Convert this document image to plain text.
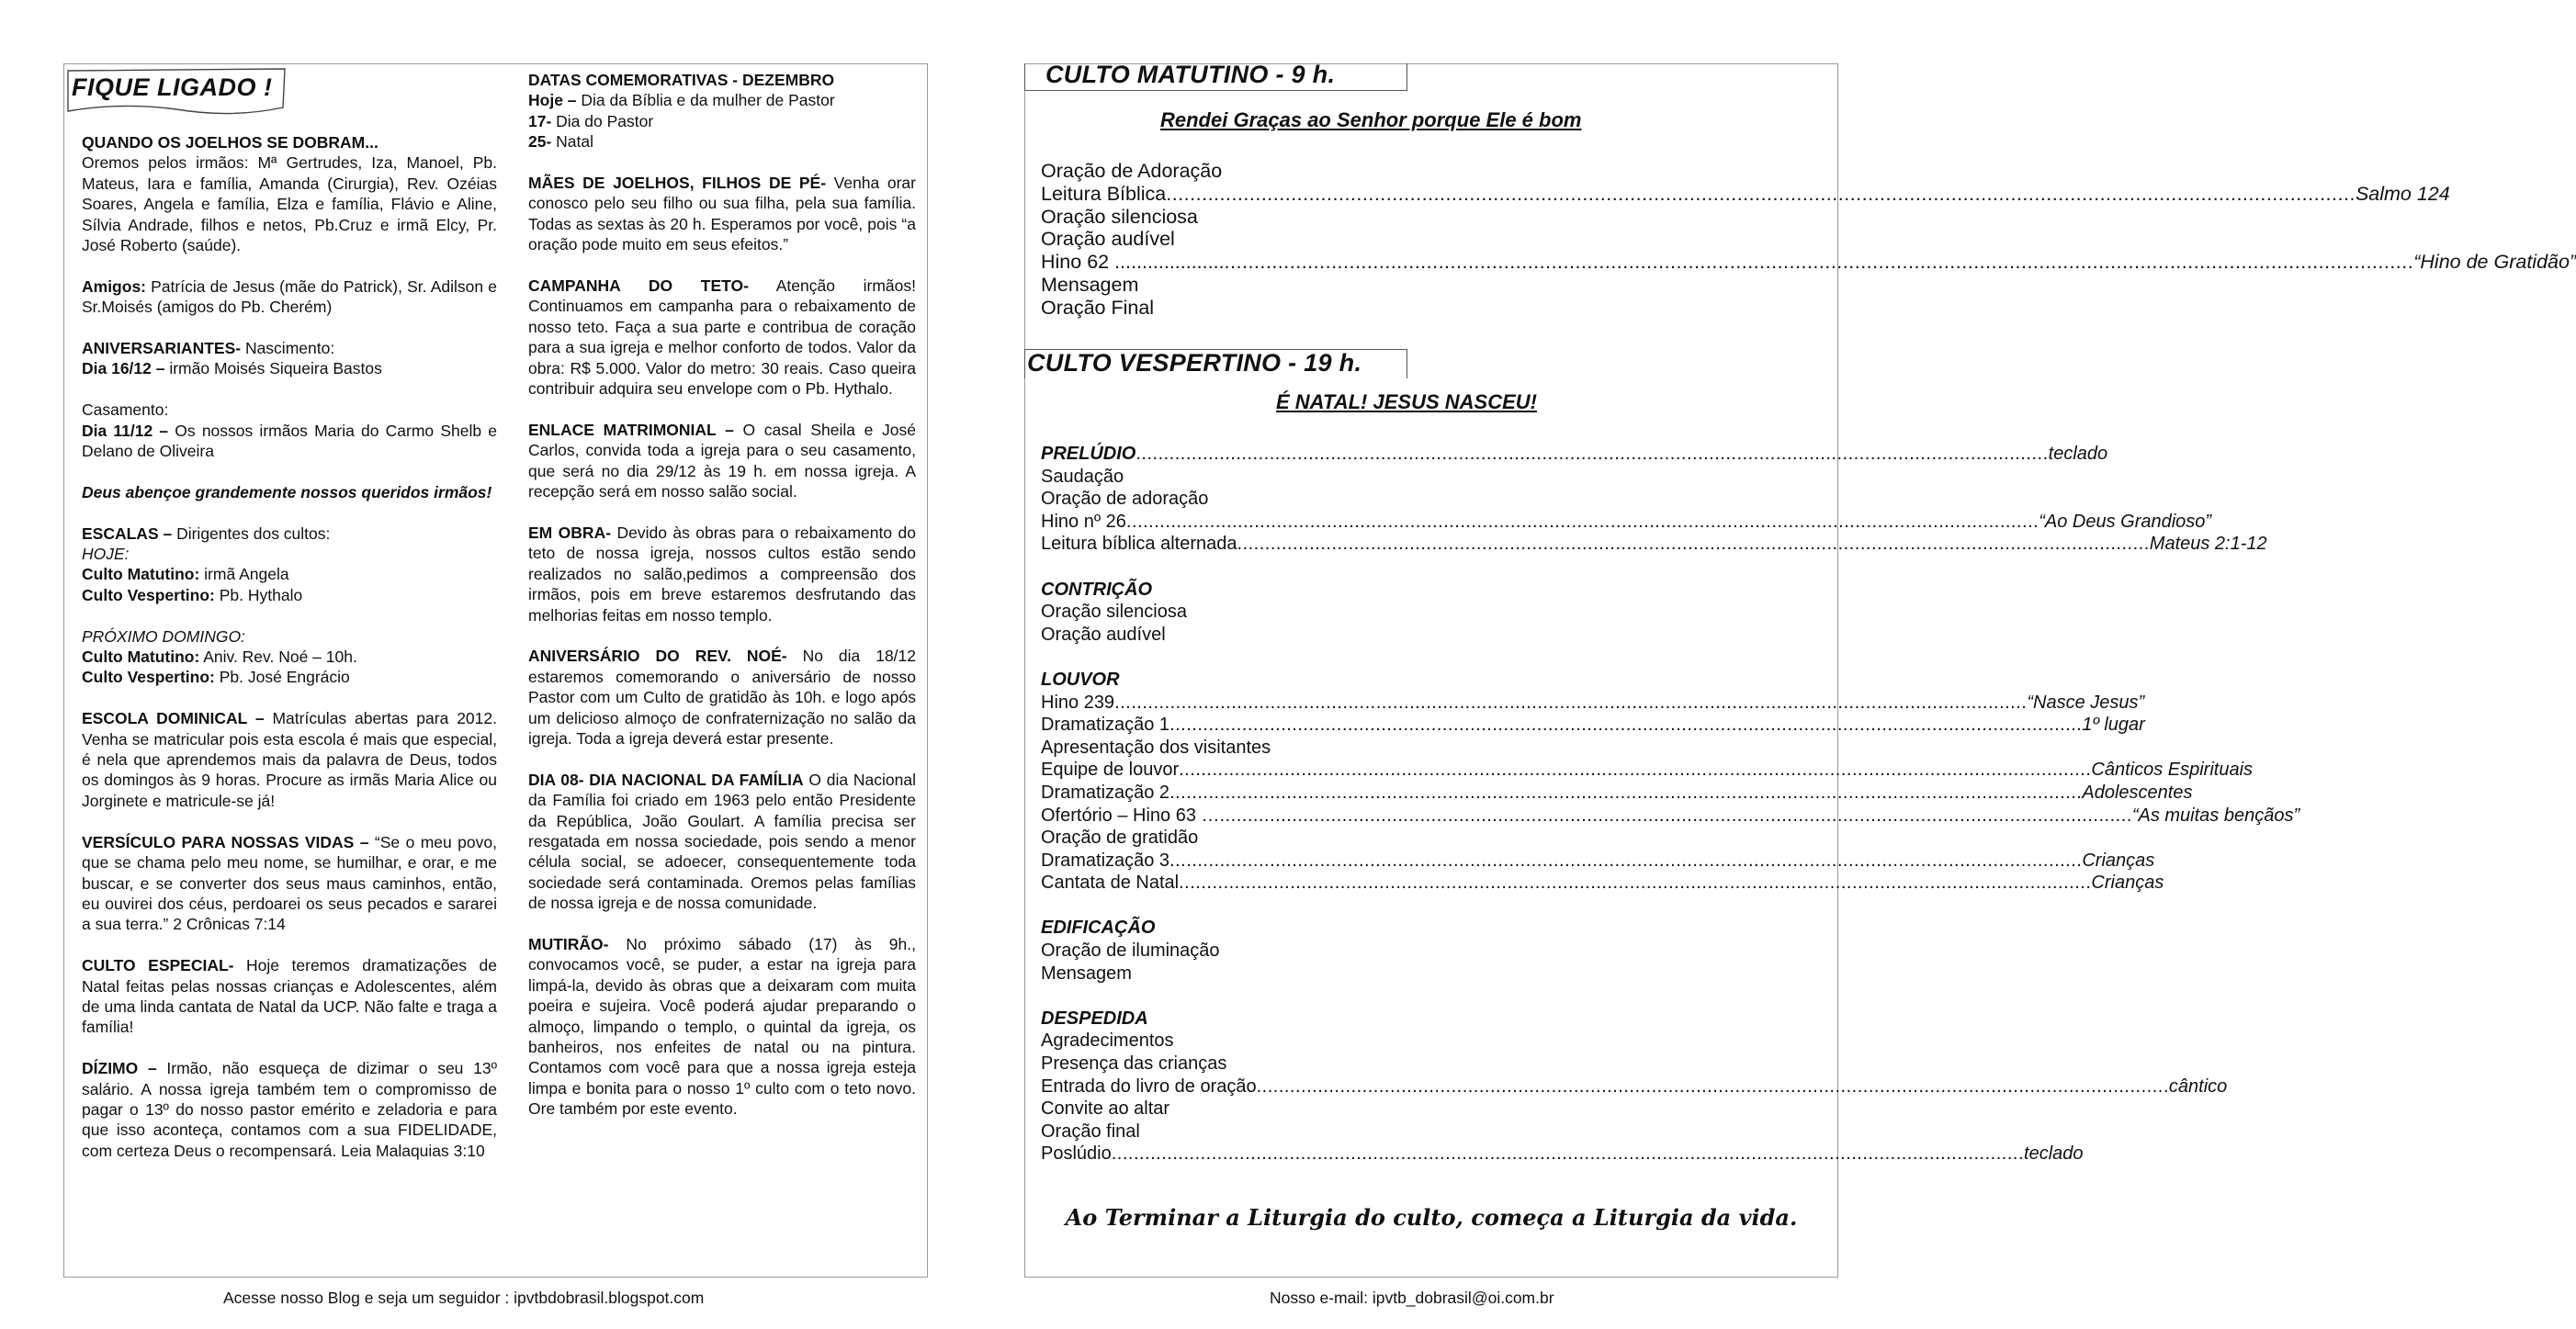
FIQUE LIGADO !

QUANDO OS JOELHOS SE DOBRAM...

Oremos pelos irmãos: Mª Gertrudes, Iza, Manoel, Pb. Mateus, Iara e família, Amanda (Cirurgia), Rev. Ozéias Soares, Angela e família, Elza e família, Flávio e Aline, Sílvia Andrade, filhos e netos, Pb.Cruz e irmã Elcy, Pr. José Roberto (saúde).

Amigos: Patrícia de Jesus (mãe do Patrick), Sr. Adilson e Sr.Moisés (amigos do Pb. Cherém)

ANIVERSARIANTES- Nascimento:

Dia 16/12 – irmão Moisés Siqueira Bastos

Casamento:

Dia 11/12 – Os nossos irmãos Maria do Carmo Shelb e Delano de Oliveira

Deus abençoe grandemente nossos queridos irmãos!

ESCALAS – Dirigentes dos cultos:

HOJE:

Culto Matutino: irmã Angela

Culto Vespertino: Pb. Hythalo

PRÓXIMO DOMINGO:

Culto Matutino: Aniv. Rev. Noé – 10h.

Culto Vespertino: Pb. José Engrácio

ESCOLA DOMINICAL – Matrículas abertas para 2012. Venha se matricular pois esta escola é mais que especial, é nela que aprendemos mais da palavra de Deus, todos os domingos às 9 horas. Procure as irmãs Maria Alice ou Jorginete e matricule-se já!

VERSÍCULO PARA NOSSAS VIDAS – “Se o meu povo, que se chama pelo meu nome, se humilhar, e orar, e me buscar, e se converter dos seus maus caminhos, então, eu ouvirei dos céus, perdoarei os seus pecados e sararei a sua terra.” 2 Crônicas 7:14

CULTO ESPECIAL- Hoje teremos dramatizações de Natal feitas pelas nossas crianças e Adolescentes, além de uma linda cantata de Natal da UCP. Não falte e traga a família!

DÍZIMO – Irmão, não esqueça de dizimar o seu 13º salário. A nossa igreja também tem o compromisso de pagar o 13º do nosso pastor emérito e zeladoria e para que isso aconteça, contamos com a sua FIDELIDADE, com certeza Deus o recompensará. Leia Malaquias 3:10

DATAS COMEMORATIVAS - DEZEMBRO

Hoje – Dia da Bíblia e da mulher de Pastor

17- Dia do Pastor

25- Natal

MÃES DE JOELHOS, FILHOS DE PÉ- Venha orar conosco pelo seu filho ou sua filha, pela sua família. Todas as sextas às 20 h. Esperamos por você, pois “a oração pode muito em seus efeitos.”

CAMPANHA DO TETO- Atenção irmãos! Continuamos em campanha para o rebaixamento de nosso teto. Faça a sua parte e contribua de coração para a sua igreja e melhor conforto de todos. Valor da obra: R$ 5.000. Valor do metro: 30 reais. Caso queira contribuir adquira seu envelope com o Pb. Hythalo.

ENLACE MATRIMONIAL – O casal Sheila e José Carlos, convida toda a igreja para o seu casamento, que será no dia 29/12 às 19 h. em nossa igreja. A recepção será em nosso salão social.

EM OBRA- Devido às obras para o rebaixamento do teto de nossa igreja, nossos cultos estão sendo realizados no salão,pedimos a compreensão dos irmãos, pois em breve estaremos desfrutando das melhorias feitas em nosso templo.

ANIVERSÁRIO DO REV. NOÉ- No dia 18/12 estaremos comemorando o aniversário de nosso Pastor com um Culto de gratidão às 10h. e logo após um delicioso almoço de confraternização no salão da igreja. Toda a igreja deverá estar presente.

DIA 08- DIA NACIONAL DA FAMÍLIA O dia Nacional da Família foi criado em 1963 pelo então Presidente da República, João Goulart. A família precisa ser resgatada em nossa sociedade, pois sendo a menor célula social, se adoecer, consequentemente toda sociedade será contaminada. Oremos pelas famílias de nossa igreja e de nossa comunidade.

MUTIRÃO- No próximo sábado (17) às 9h., convocamos você, se puder, a estar na igreja para limpá-la, devido às obras que a deixaram com muita poeira e sujeira. Você poderá ajudar preparando o almoço, limpando o templo, o quintal da igreja, os banheiros, nos enfeites de natal ou na pintura. Contamos com você para que a nossa igreja esteja limpa e bonita para o nosso 1º culto com o teto novo. Ore também por este evento.

Acesse nosso Blog e seja um seguidor : ipvtbdobrasil.blogspot.com
CULTO MATUTINO - 9 h.
Rendei Graças ao Senhor porque Ele é bom
Oração de Adoração
Leitura Bíblica ........................................................................................................................................................................................................ Salmo 124
Oração silenciosa
Oração audível
Hino 62 .................... ........................................................................................................................................................................................................ “Hino de Gratidão”
Mensagem
Oração Final
CULTO VESPERTINO - 19 h.
É NATAL! JESUS NASCEU!
PRELÚDIO .................................................................................................................................................................... teclado
Saudação
Oração de adoração
Hino nº 26 .................................................................................................................................................................... “Ao Deus Grandioso”
Leitura bíblica alternada .................................................................................................................................................................... Mateus 2:1-12
CONTRIÇÃO
Oração silenciosa
Oração audível
LOUVOR
Hino 239 .................................................................................................................................................................... “Nasce Jesus”
Dramatização 1 .................................................................................................................................................................... 1º lugar
Apresentação dos visitantes
Equipe de louvor .................................................................................................................................................................... Cânticos Espirituais
Dramatização 2 .................................................................................................................................................................... Adolescentes
Ofertório – Hino 63 … .................................................................................................................................................................... “As muitas bençãos”
Oração de gratidão
Dramatização 3 .................................................................................................................................................................... Crianças
Cantata de Natal .................................................................................................................................................................... Crianças
EDIFICAÇÃO
Oração de iluminação
Mensagem
DESPEDIDA
Agradecimentos
Presença das crianças
Entrada do livro de oração .................................................................................................................................................................... cântico
Convite ao altar
Oração final
Poslúdio .................................................................................................................................................................... teclado
Ao Terminar a Liturgia do culto, começa a Liturgia da vida.
Nosso e-mail: ipvtb_dobrasil@oi.com.br
